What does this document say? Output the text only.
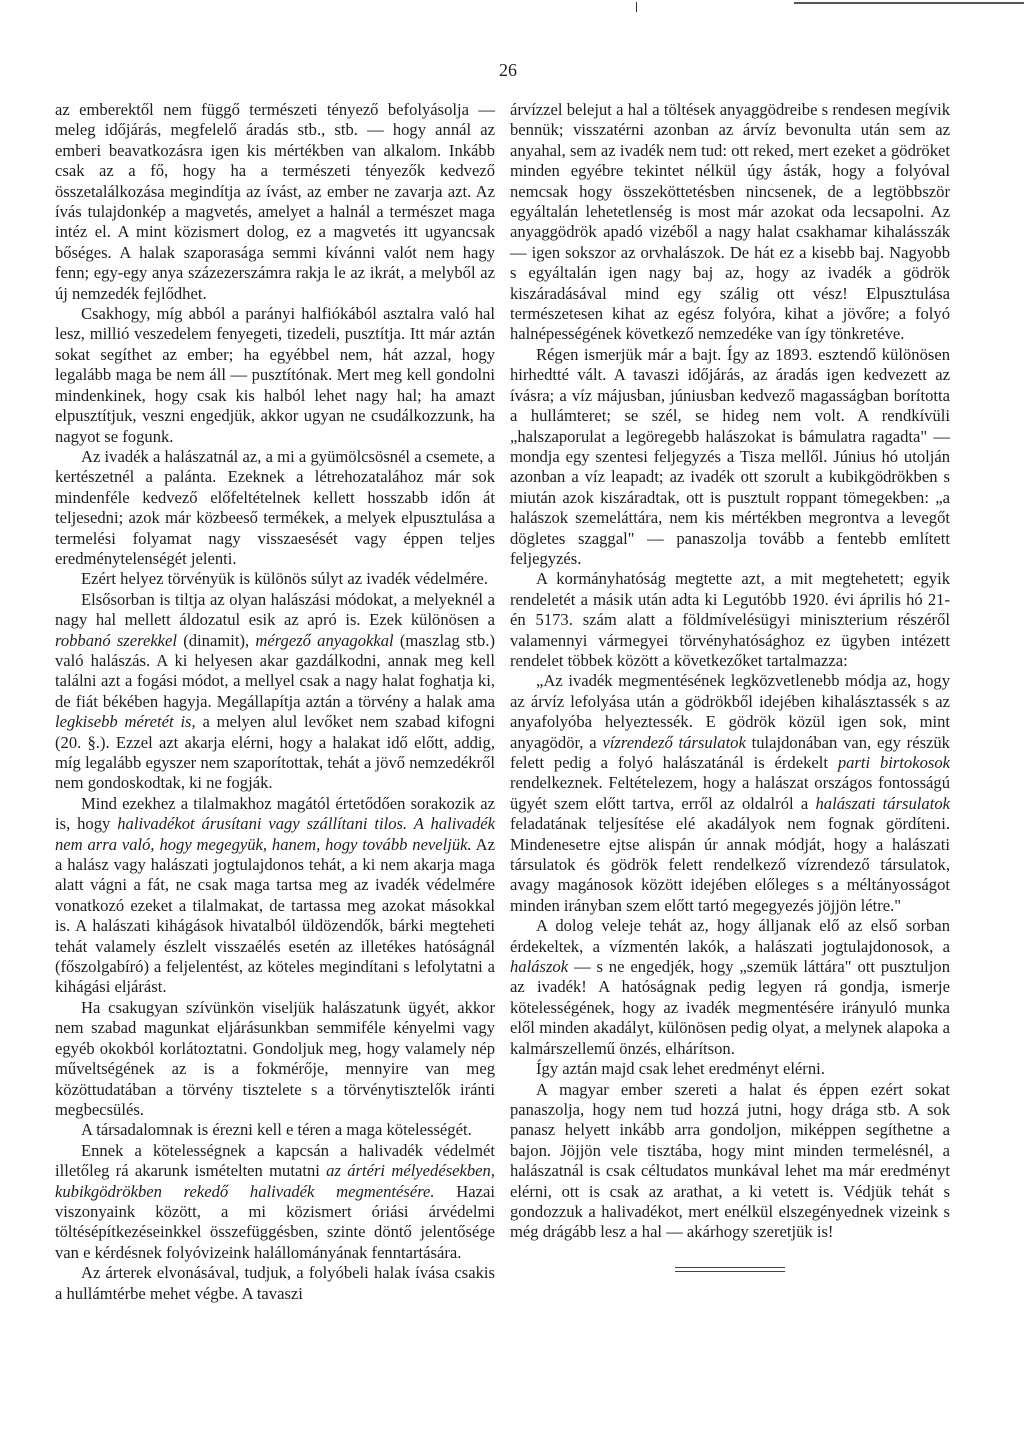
26

az emberektől nem függő természeti tényező befolyásolja — meleg időjárás, megfelelő áradás stb., stb. — hogy annál az emberi beavatkozásra igen kis mértékben van alkalom. Inkább csak az a fő, hogy ha a természeti tényezők kedvező összetalálkozása megindítja az ívást, az ember ne zavarja azt. Az ívás tulajdonkép a magvetés, amelyet a halnál a természet maga intéz el. A mint közismert dolog, ez a magvetés itt ugyancsak bőséges. A halak szaporasága semmi kívánni valót nem hagy fenn; egy-egy anya százezerszámra rakja le az ikrát, a melyből az új nemzedék fejlődhet.

Csakhogy, míg abból a parányi halfiókából asztalra való hal lesz, millió veszedelem fenyegeti, tizedeli, pusztítja. Itt már aztán sokat segíthet az ember; ha egyébbel nem, hát azzal, hogy legalább maga be nem áll — pusztítónak. Mert meg kell gondolni mindenkinek, hogy csak kis halból lehet nagy hal; ha amazt elpusztítjuk, veszni engedjük, akkor ugyan ne csudálkozzunk, ha nagyot se fogunk.

Az ivadék a halászatnál az, a mi a gyümölcsösnél a csemete, a kertészetnél a palánta. Ezeknek a létrehozatalához már sok mindenféle kedvező előfeltételnek kellett hosszabb időn át teljesedni; azok már közbeeső termékek, a melyek elpusztulása a termelési folyamat nagy visszaesését vagy éppen teljes eredménytelenségét jelenti.

Ezért helyez törvényük is különös súlyt az ivadék védelmére.

Elsősorban is tiltja az olyan halászási módokat, a melyeknél a nagy hal mellett áldozatul esik az apró is. Ezek különösen a robbanó szerekkel (dinamit), mérgező anyagokkal (maszlag stb.) való halászás. A ki helyesen akar gazdálkodni, annak meg kell találni azt a fogási módot, a mellyel csak a nagy halat foghatja ki, de fiát békében hagyja. Megállapítja aztán a törvény a halak ama legkisebb méretét is, a melyen alul levőket nem szabad kifogni (20. §.). Ezzel azt akarja elérni, hogy a halakat idő előtt, addig, míg legalább egyszer nem szaporítottak, tehát a jövő nemzedékről nem gondoskodtak, ki ne fogják.

Mind ezekhez a tilalmakhoz magától értetődően sorakozik az is, hogy halivadékot árusítani vagy szállítani tilos. A halivadék nem arra való, hogy megegyük, hanem, hogy tovább neveljük. Az a halász vagy halászati jogtulajdonos tehát, a ki nem akarja maga alatt vágni a fát, ne csak maga tartsa meg az ivadék védelmére vonatkozó ezeket a tilalmakat, de tartassa meg azokat másokkal is. A halászati kihágások hivatalból üldözendők, bárki megteheti tehát valamely észlelt visszaélés esetén az illetékes hatóságnál (főszolgabíró) a feljelentést, az köteles megindítani s lefolytatni a kihágási eljárást.

Ha csakugyan szívünkön viseljük halászatunk ügyét, akkor nem szabad magunkat eljárásunkban semmiféle kényelmi vagy egyéb okokból korlátoztatni. Gondoljuk meg, hogy valamely nép műveltségének az is a fokmérője, mennyire van meg közöttudatában a törvény tisztelete s a törvénytisztelők iránti megbecsülés.

A társadalomnak is érezni kell e téren a maga kötelességét.

Ennek a kötelességnek a kapcsán a halivadék védelmét illetőleg rá akarunk ismételten mutatni az ártéri mélyedésekben, kubikgödrökben rekedő halivadék megmentésére. Hazai viszonyaink között, a mi közismert óriási árvédelmi töltésépítkezéseinkkel összefüggésben, szinte döntő jelentősége van e kérdésnek folyóvizeink halállományának fenntartására.

Az árterek elvonásával, tudjuk, a folyóbeli halak ívása csakis a hullámtérbe mehet végbe. A tavaszi

árvízzel belejut a hal a töltések anyaggödreibe s rendesen megívik bennük; visszatérni azonban az árvíz bevonulta után sem az anyahal, sem az ivadék nem tud: ott reked, mert ezeket a gödröket minden egyébre tekintet nélkül úgy ásták, hogy a folyóval nemcsak hogy összeköttetésben nincsenek, de a legtöbbször egyáltalán lehetetlenség is most már azokat oda lecsapolni. Az anyaggödrök apadó vizéből a nagy halat csakhamar kihalásszák — igen sokszor az orvhalászok. De hát ez a kisebb baj. Nagyobb s egyáltalán igen nagy baj az, hogy az ivadék a gödrök kiszáradásával mind egy szálig ott vész! Elpusztulása természetesen kihat az egész folyóra, kihat a jövőre; a folyó halnépességének következő nemzedéke van így tönkretéve.

Régen ismerjük már a bajt. Így az 1893. esztendő különösen hirhedtté vált. A tavaszi időjárás, az áradás igen kedvezett az ívásra; a víz májusban, júniusban kedvező magasságban borította a hullámteret; se szél, se hideg nem volt. A rendkívüli „halszaporulat a legöregebb halászokat is bámulatra ragadta" — mondja egy szentesi feljegyzés a Tisza mellől. Június hó utolján azonban a víz leapadt; az ivadék ott szorult a kubikgödrökben s miután azok kiszáradtak, ott is pusztult roppant tömegekben: „a halászok szemeláttára, nem kis mértékben megrontva a levegőt dögletes szaggal" — panaszolja tovább a fentebb említett feljegyzés.

A kormányhatóság megtette azt, a mit megtehetett; egyik rendeletét a másik után adta ki Legutóbb 1920. évi április hó 21-én 5173. szám alatt a földmívelésügyi miniszterium részéről valamennyi vármegyei törvényhatósághoz ez ügyben intézett rendelet többek között a következőket tartalmazza:

„Az ivadék megmentésének legközvetlenebb módja az, hogy az árvíz lefolyása után a gödrökből idejében kihalásztassék s az anyafolyóba helyeztessék. E gödrök közül igen sok, mint anyagödör, a vízrendező társulatok tulajdonában van, egy részük felett pedig a folyó halászatánál is érdekelt parti birtokosok rendelkeznek. Feltételezem, hogy a halászat országos fontosságú ügyét szem előtt tartva, erről az oldalról a halászati társulatok feladatának teljesítése elé akadályok nem fognak gördíteni. Mindenesetre ejtse alispán úr annak módját, hogy a halászati társulatok és gödrök felett rendelkező vízrendező társulatok, avagy magánosok között idejében előleges s a méltányosságot minden irányban szem előtt tartó megegyezés jöjjön létre."

A dolog veleje tehát az, hogy álljanak elő az első sorban érdekeltek, a vízmentén lakók, a halászati jogtulajdonosok, a halászok — s ne engedjék, hogy „szemük láttára" ott pusztuljon az ivadék! A hatóságnak pedig legyen rá gondja, ismerje kötelességének, hogy az ivadék megmentésére irányuló munka elől minden akadályt, különösen pedig olyat, a melynek alapoka a kalmárszellemű önzés, elhárítson.

Így aztán majd csak lehet eredményt elérni.

A magyar ember szereti a halat és éppen ezért sokat panaszolja, hogy nem tud hozzá jutni, hogy drága stb. A sok panasz helyett inkább arra gondoljon, miképpen segíthetne a bajon. Jöjjön vele tisztába, hogy mint minden termelésnél, a halászatnál is csak céltudatos munkával lehet ma már eredményt elérni, ott is csak az arathat, a ki vetett is. Védjük tehát s gondozzuk a halivadékot, mert enélkül elszegényednek vizeink s még drágább lesz a hal — akárhogy szeretjük is!
